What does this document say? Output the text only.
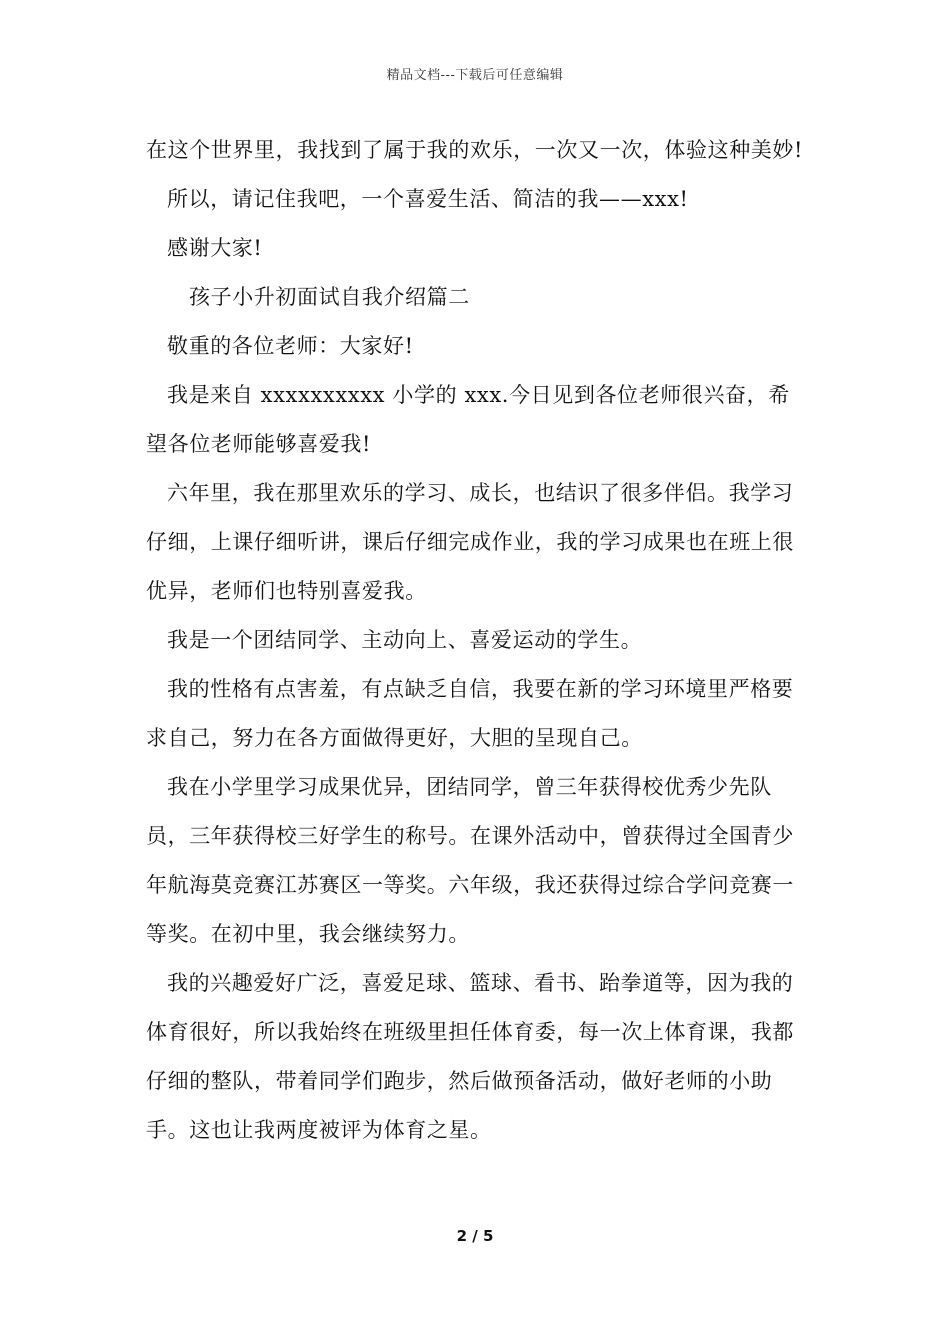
精品文档---下载后可任意编辑

在这个世界里，我找到了属于我的欢乐，一次又一次，体验这种美妙!

所以，请记住我吧，一个喜爱生活、简洁的我——xxx!

感谢大家!

孩子小升初面试自我介绍篇二

敬重的各位老师：大家好!

我是来自 xxxxxxxxxx 小学的 xxx.今日见到各位老师很兴奋，希望各位老师能够喜爱我!

六年里，我在那里欢乐的学习、成长，也结识了很多伴侣。我学习仔细，上课仔细听讲，课后仔细完成作业，我的学习成果也在班上很优异，老师们也特别喜爱我。

我是一个团结同学、主动向上、喜爱运动的学生。

我的性格有点害羞，有点缺乏自信，我要在新的学习环境里严格要求自己，努力在各方面做得更好，大胆的呈现自己。

我在小学里学习成果优异，团结同学，曾三年获得校优秀少先队员，三年获得校三好学生的称号。在课外活动中，曾获得过全国青少年航海莫竞赛江苏赛区一等奖。六年级，我还获得过综合学问竞赛一等奖。在初中里，我会继续努力。

我的兴趣爱好广泛，喜爱足球、篮球、看书、跆拳道等，因为我的体育很好，所以我始终在班级里担任体育委，每一次上体育课，我都仔细的整队，带着同学们跑步，然后做预备活动，做好老师的小助手。这也让我两度被评为体育之星。

2 / 5
